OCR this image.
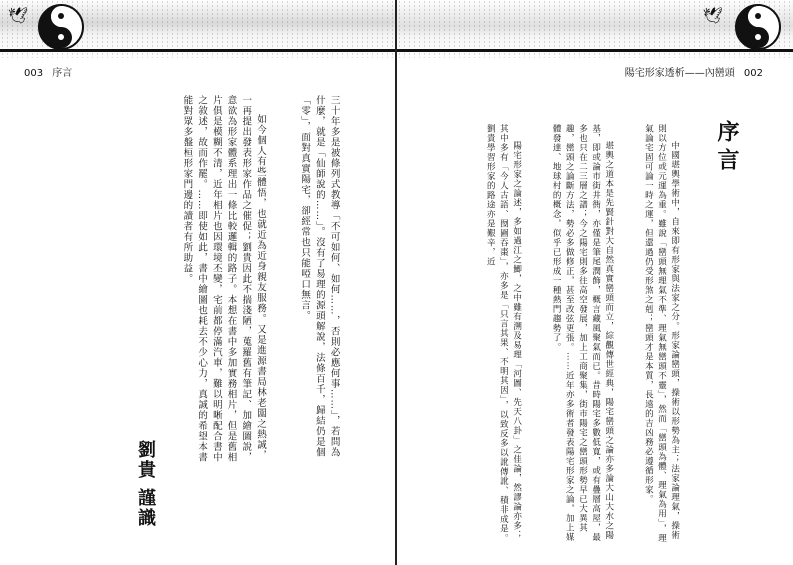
🕊
003 序言

三十年多是被條列式教導「不可如何、如何……，否則必應何事……」，若問為什麼，就是「仙師說的……」。沒有了易理的源頭解說，法條百千，歸結仍是個「零」，面對真實陽宅，卻經常也只能啞口無言。

如今個人有些體悟，也就近為近身親友服務。又是進源書局林老闆之熱誠，一再提出發表形家作品之催促；劉貴因此不揣淺陋，蒐羅舊有筆記、加繪圖說，意欲為形家體系理出一條比較邏輯的路子。本想在書中多加實務相片，但是舊相片俱是模糊不清，近年相片也因環境丕變，宅前都停滿汽車，難以明晰配合書中之敘述，故而作罷。……即使如此，書中繪圖也耗去不少心力，真誠的希望本書能對眾多盤桓形家門邊的讀者有所助益。

劉貴 謹識
🕊
陽宅形家透析——內巒頭 002
序言

中國堪輿學術中，自來即有形家與法家之分。形家論巒頭，操術以形勢為主；法家論理氣，操術則以方位或元運為重。雖說「巒頭無理氣不準、理氣無巒頭不靈」，然而「巒頭為體、理氣為用」，理氣論宅固可論一時之運，但還過仍受形煞之剋；巒頭才是本質，長遠的吉凶務必遵循形家。

堪輿之道本是先賢針對大自然真實巒頭而立，綜觀傳世經典，陽宅巒頭之論亦多論大山大水之陽基，即或論市街井衖，亦僅是筆尾潤飾，概言藏風聚氣而已。昔時陽宅多數低寬，或有疊層高屋，最多也只在二三層之譜；今之陽宅則多往高空發展，加上工商聚集，街市陽宅之巒頭形勢早已大異其趣，巒頭之論斷方法，勢必多做修正，甚至改弦更張。……近年亦多術者發表陽宅形家之論，加上媒體發達、地球村的概念，似乎已形成一種熱門趨勢了。

陽宅形家之論述，多如過江之鯽，之中雖有溯及易理「河圖、先天八卦」之佳論，然謬論亦多；其中多有「今人古語、囫圇吞棗」，亦多是「只言其果、不明其因」，以致反多以訛傳訛、積非成是。劉貴學習形家的路途亦是艱辛，近
